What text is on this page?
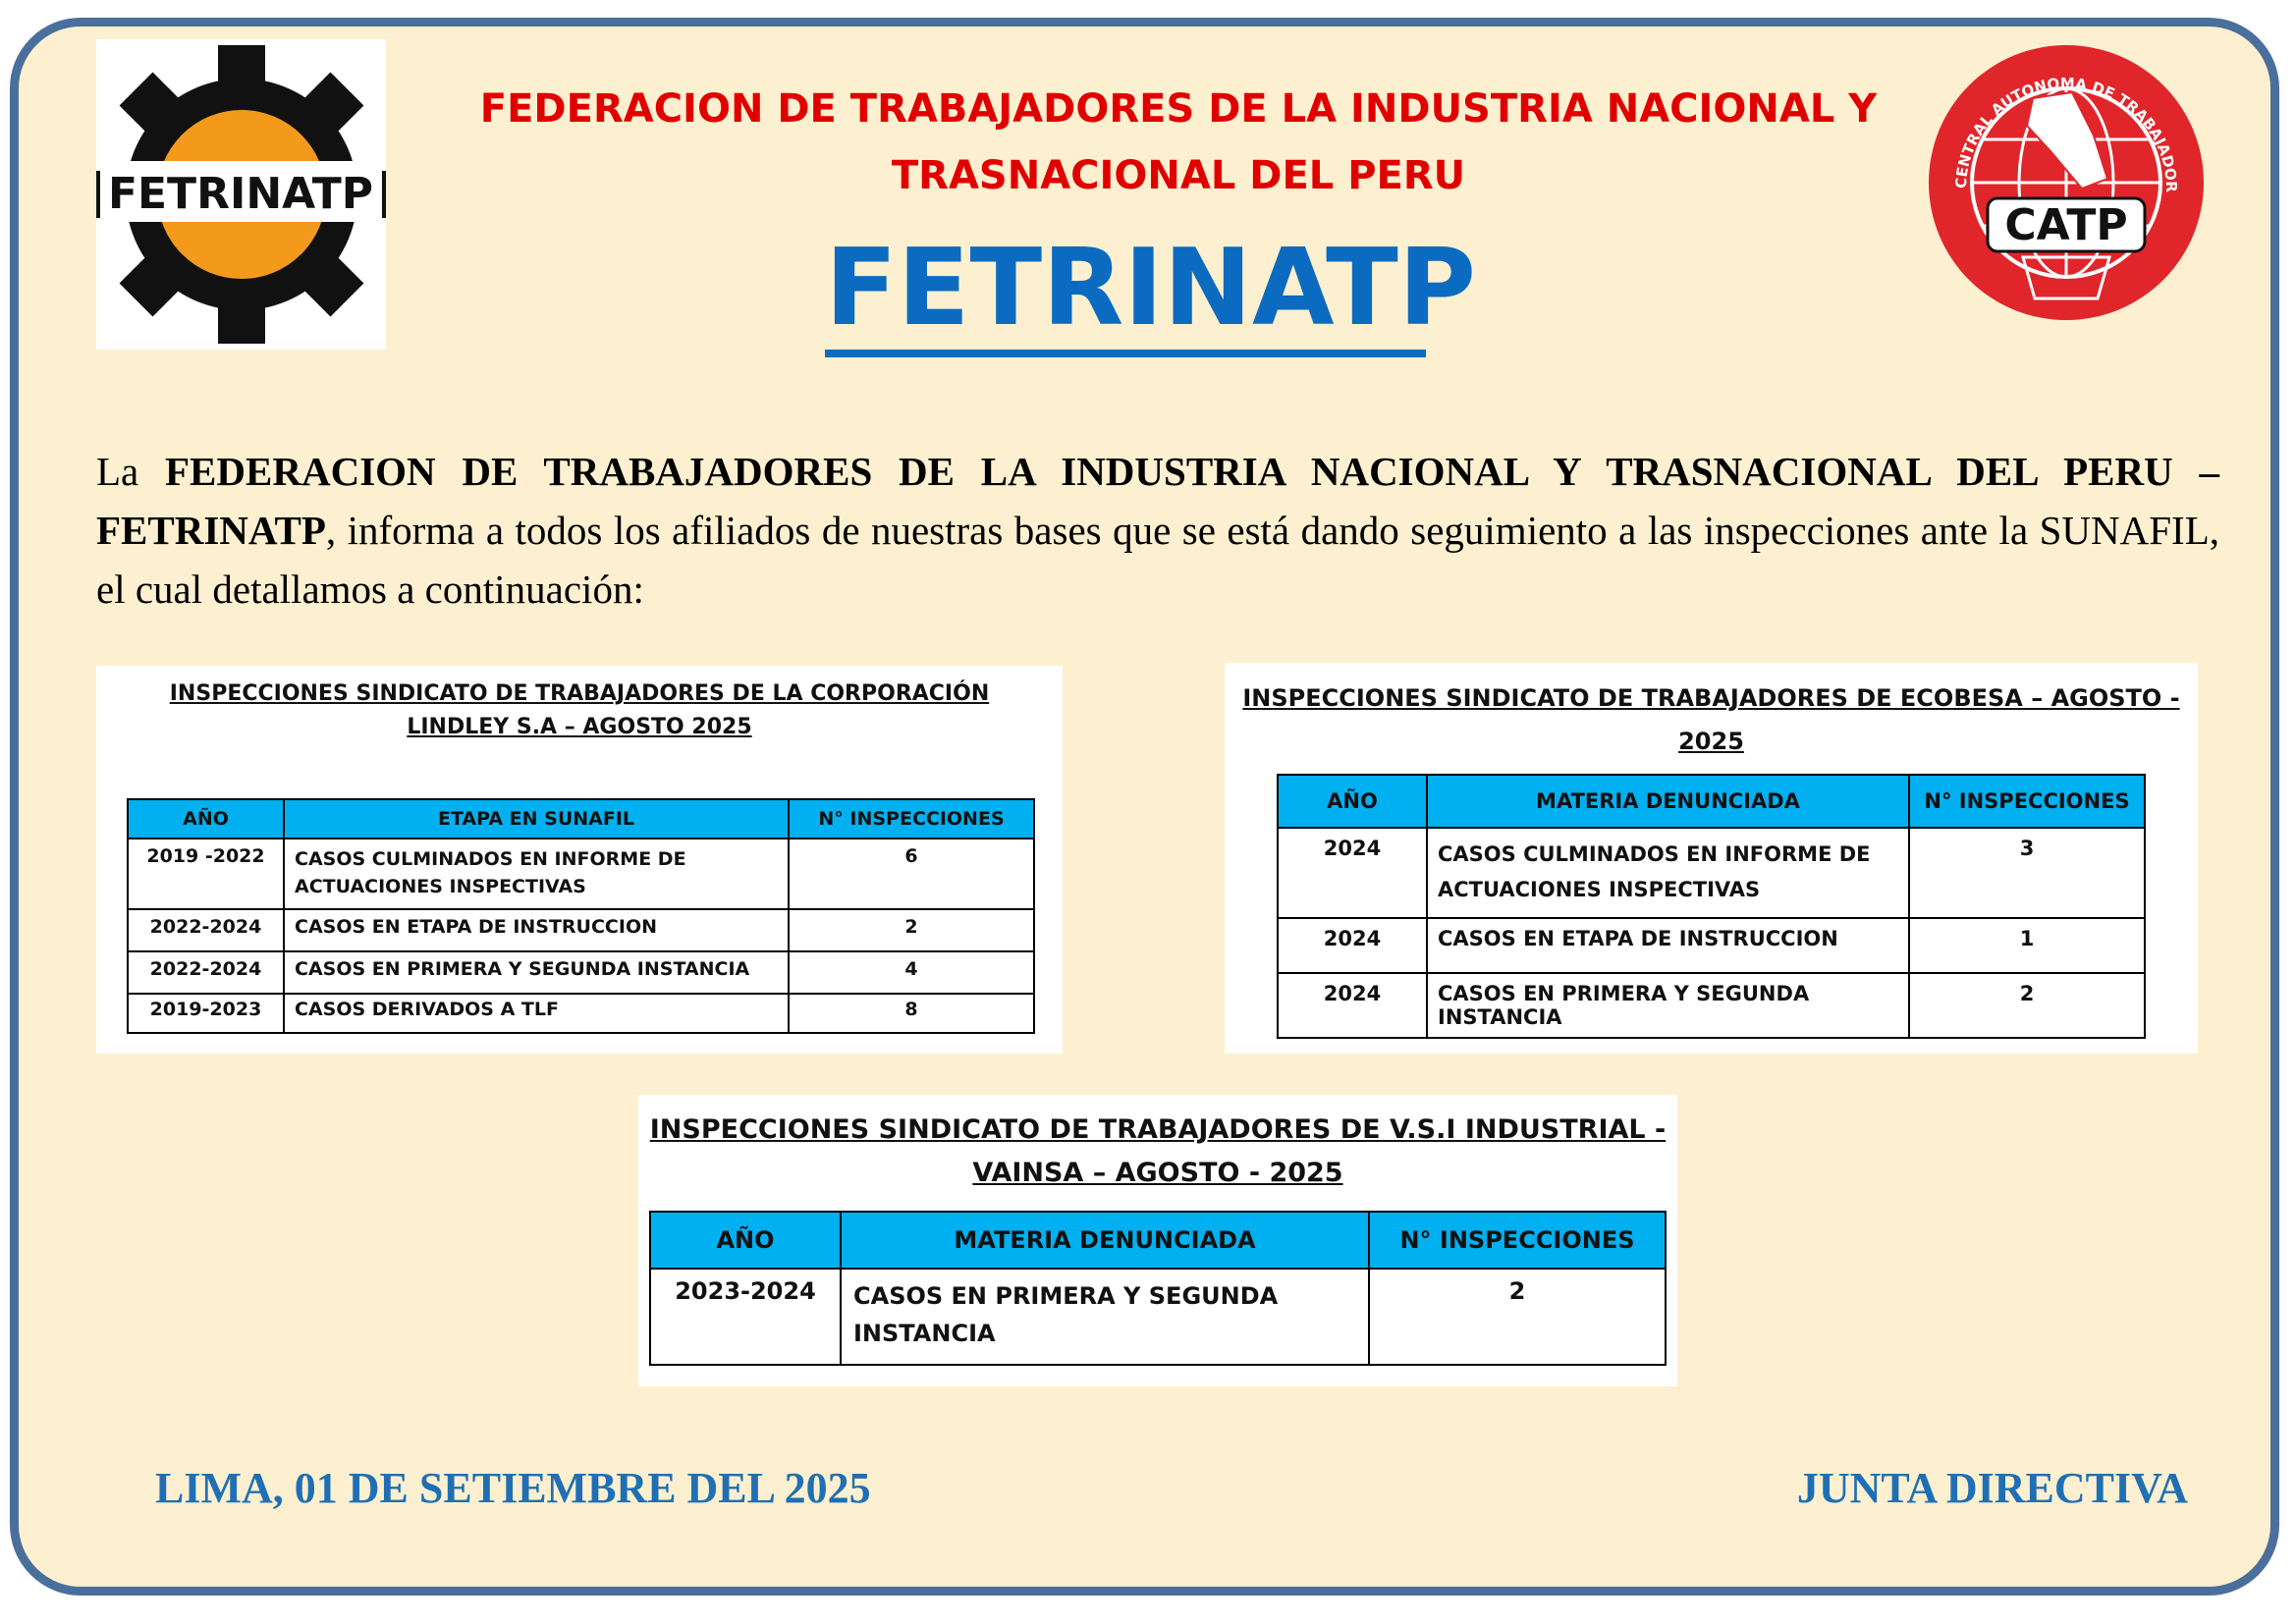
FETRINATP	CENTRAL AUTONOMA DE TRABAJADOR
CATP
FEDERACION DE TRABAJADORES DE LA INDUSTRIA NACIONAL Y
TRASNACIONAL DEL PERU
FETRINATP
La FEDERACION DE TRABAJADORES DE LA INDUSTRIA NACIONAL Y TRASNACIONAL DEL PERU – FETRINATP, informa a todos los afiliados de nuestras bases que se está dando seguimiento a las inspecciones ante la SUNAFIL, el cual detallamos a continuación:
INSPECCIONES SINDICATO DE TRABAJADORES DE LA CORPORACIÓN
LINDLEY S.A – AGOSTO 2025
AÑO	ETAPA EN SUNAFIL	N° INSPECCIONES
2019 -2022	CASOS CULMINADOS EN INFORME DE ACTUACIONES INSPECTIVAS	6
2022-2024	CASOS EN ETAPA DE INSTRUCCION	2
2022-2024	CASOS EN PRIMERA Y SEGUNDA INSTANCIA	4
2019-2023	CASOS DERIVADOS A TLF	8
INSPECCIONES SINDICATO DE TRABAJADORES DE ECOBESA – AGOSTO -
2025
AÑO	MATERIA DENUNCIADA	N° INSPECCIONES
2024	CASOS CULMINADOS EN INFORME DE ACTUACIONES INSPECTIVAS	3
2024	CASOS EN ETAPA DE INSTRUCCION	1
2024	CASOS EN PRIMERA Y SEGUNDA INSTANCIA	2
INSPECCIONES SINDICATO DE TRABAJADORES DE V.S.I INDUSTRIAL -
VAINSA – AGOSTO - 2025
AÑO	MATERIA DENUNCIADA	N° INSPECCIONES
2023-2024	CASOS EN PRIMERA Y SEGUNDA INSTANCIA	2
LIMA, 01 DE SETIEMBRE DEL 2025	JUNTA DIRECTIVA
